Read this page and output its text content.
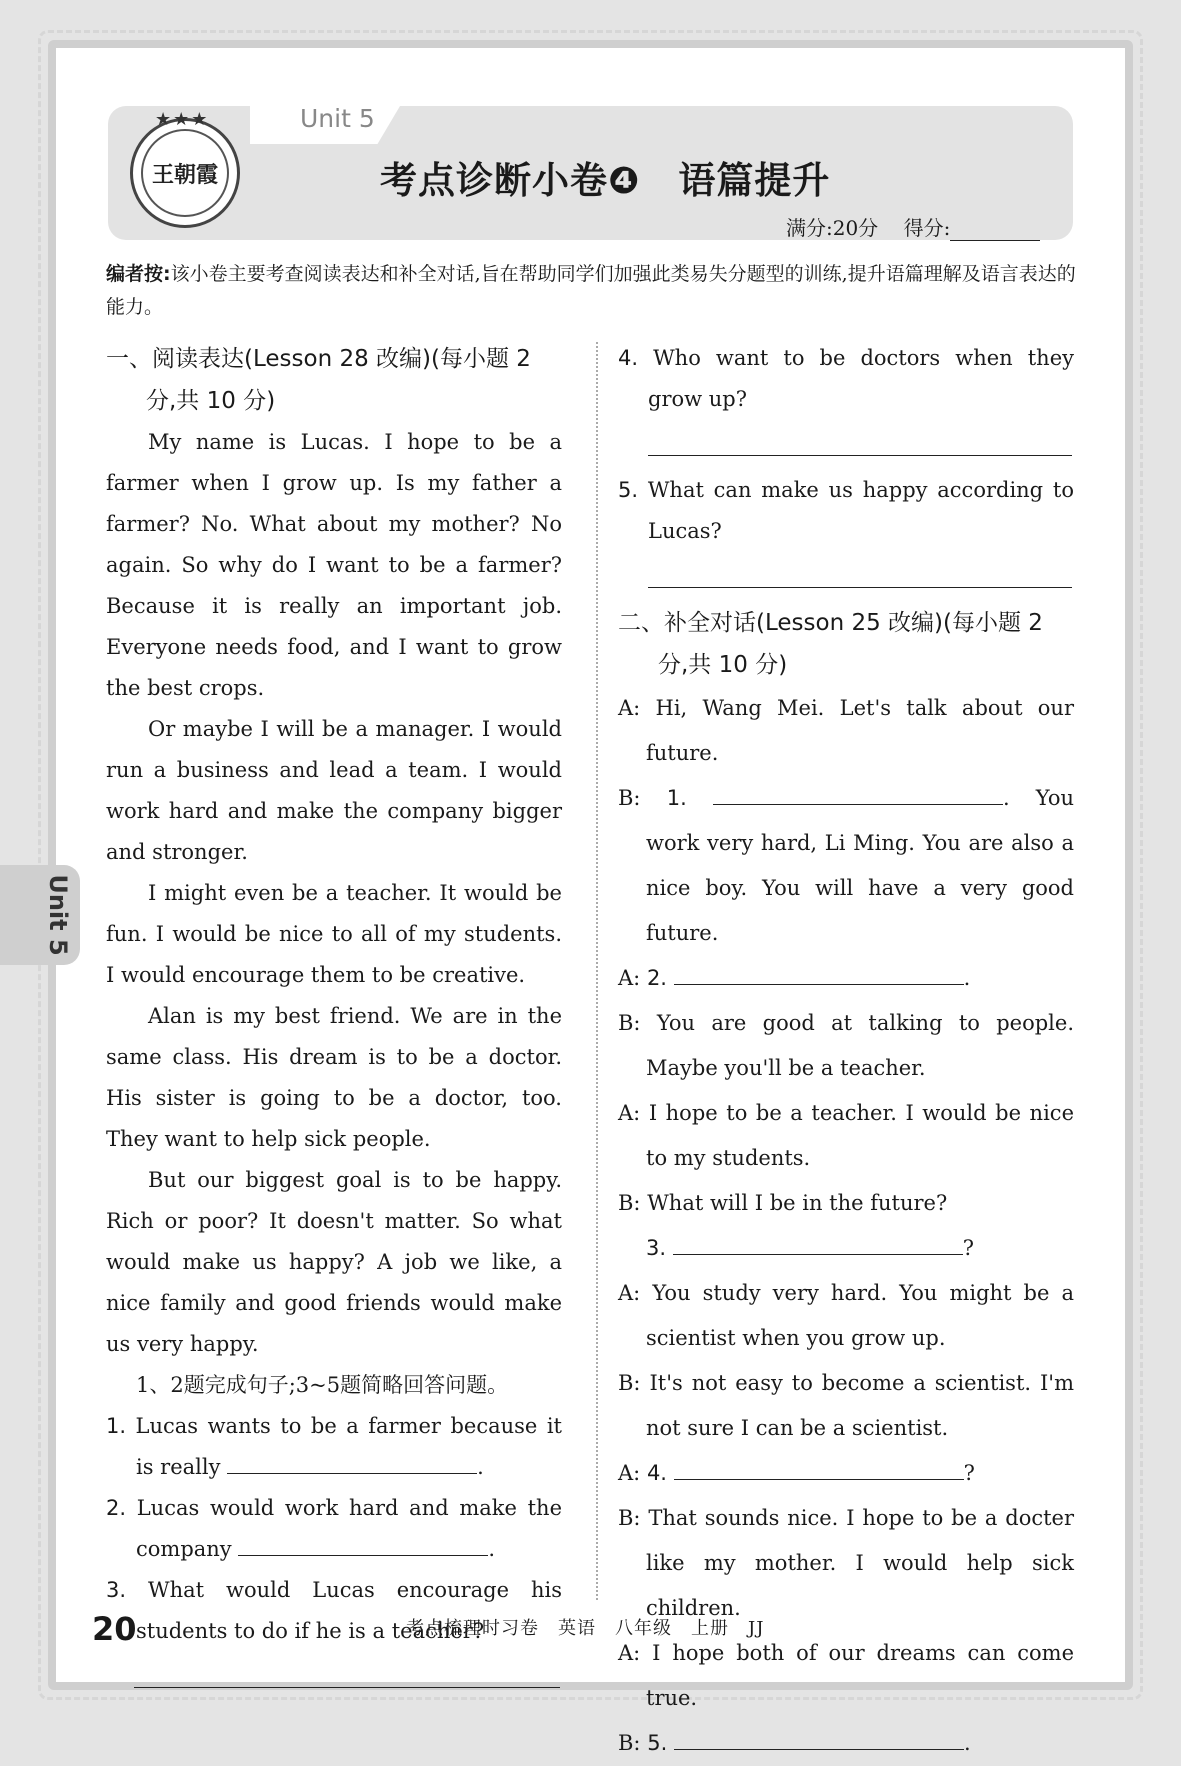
Unit 5
★★★
王朝霞	考点诊断小卷❹　语篇提升
满分:20分 得分:
编者按:该小卷主要考查阅读表达和补全对话,旨在帮助同学们加强此类易失分题型的训练,提升语篇理解及语言表达的能力。
Unit 5
一、阅读表达(Lesson 28 改编)(每小题 2
分,共 10 分)

My name is Lucas. I hope to be a farmer when I grow up. Is my father a farmer? No. What about my mother? No again. So why do I want to be a farmer? Because it is really an important job. Everyone needs food, and I want to grow the best crops.

Or maybe I will be a manager. I would run a business and lead a team. I would work hard and make the company bigger and stronger.

I might even be a teacher. It would be fun. I would be nice to all of my students. I would encourage them to be creative.

Alan is my best friend. We are in the same class. His dream is to be a doctor. His sister is going to be a doctor, too. They want to help sick people.

But our biggest goal is to be happy. Rich or poor? It doesn't matter. So what would make us happy? A job we like, a nice family and good friends would make us very happy.

1、2题完成句子;3~5题简略回答问题。

1. Lucas wants to be a farmer because it is really	.

2. Lucas would work hard and make the company	.

3. What would Lucas encourage his students to do if he is a teacher?

4. Who want to be doctors when they grow up?

5. What can make us happy according to Lucas?

二、补全对话(Lesson 25 改编)(每小题 2
分,共 10 分)

A: Hi, Wang Mei. Let's talk about our future.

B: 1.	. You work very hard, Li Ming. You are also a nice boy. You will have a very good future.

A: 2.	.

B: You are good at talking to people. Maybe you'll be a teacher.

A: I hope to be a teacher. I would be nice to my students.

B: What will I be in the future?

3.	?

A: You study very hard. You might be a scientist when you grow up.

B: It's not easy to become a scientist. I'm not sure I can be a scientist.

A: 4.	?

B: That sounds nice. I hope to be a docter like my mother. I would help sick children.

A: I hope both of our dreams can come true.

B: 5.	.

20	考点梳理时习卷　英语　八年级　上册　JJ
